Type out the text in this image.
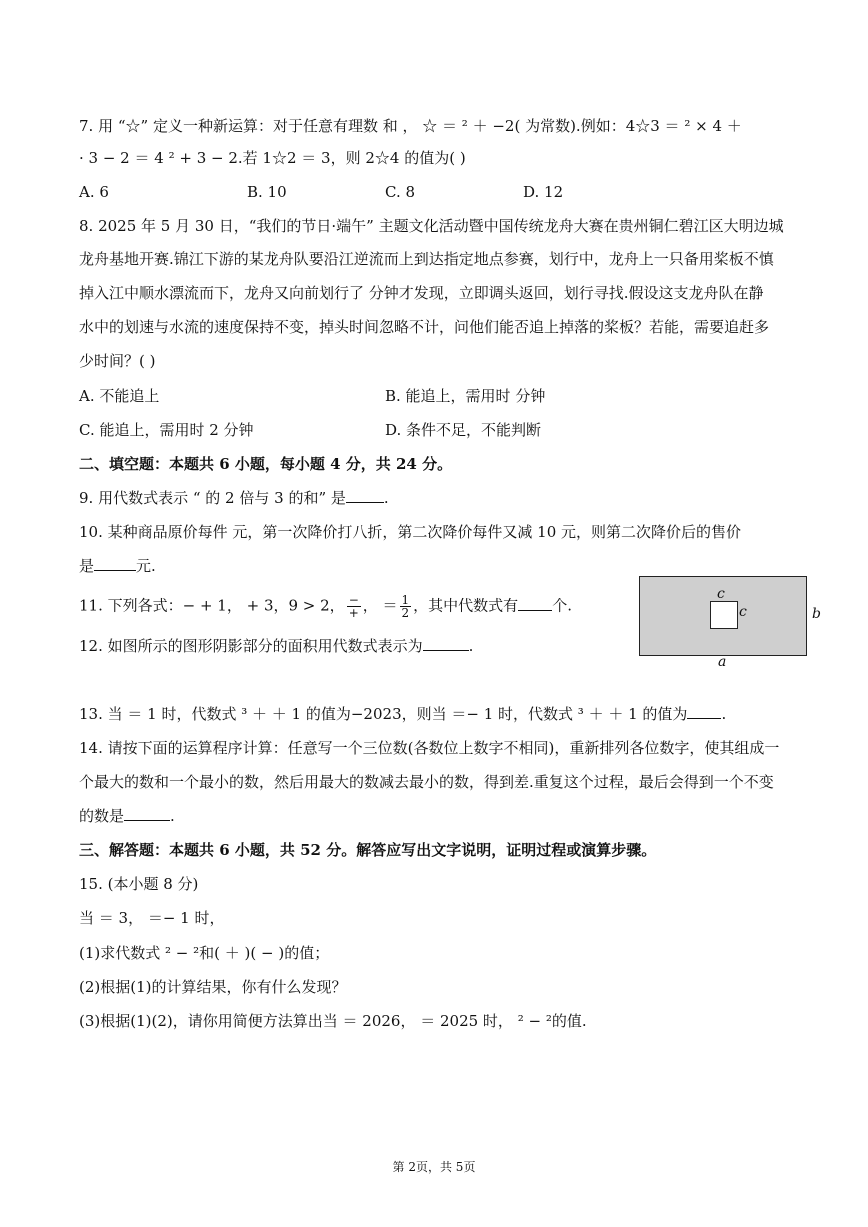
7. 用 “☆” 定义一种新运算：对于任意有理数 和 ， ☆ ＝ ² ＋ −2( 为常数).例如：4☆3 ＝ ² × 4 ＋
· 3 − 2 ＝ 4 ² + 3 − 2.若 1☆2 ＝ 3，则 2☆4 的值为( )
A. 6	B. 10	C. 8	D. 12
8. 2025 年 5 月 30 日，“我们的节日·端午” 主题文化活动暨中国传统龙舟大赛在贵州铜仁碧江区大明边城
龙舟基地开赛.锦江下游的某龙舟队要沿江逆流而上到达指定地点参赛，划行中，龙舟上一只备用桨板不慎
掉入江中顺水漂流而下，龙舟又向前划行了 分钟才发现，立即调头返回，划行寻找.假设这支龙舟队在静
水中的划速与水流的速度保持不变，掉头时间忽略不计，问他们能否追上掉落的桨板？若能，需要追赶多
少时间？( )
A. 不能追上	B. 能追上，需用时 分钟
C. 能追上，需用时 2 分钟	D. 条件不足，不能判断
二、填空题：本题共 6 小题，每小题 4 分，共 24 分。
9. 用代数式表示 “ 的 2 倍与 3 的和” 是	.
10. 某种商品原价每件 元，第一次降价打八折，第二次降价每件又减 10 元，则第二次降价后的售价
是	元.
11. 下列各式：− + 1， + 3，9 > 2， $\frac{-}{+}$ ， ＝ $\frac{1}{2}$ ，其中代数式有 个.
12. 如图所示的图形阴影部分的面积用代数式表示为	.
c
c
a
b
13. 当 ＝ 1 时，代数式 ³ ＋ ＋ 1 的值为−2023，则当 ＝− 1 时，代数式 ³ ＋ ＋ 1 的值为 .
14. 请按下面的运算程序计算：任意写一个三位数(各数位上数字不相同)，重新排列各位数字，使其组成一
个最大的数和一个最小的数，然后用最大的数减去最小的数，得到差.重复这个过程，最后会得到一个不变
的数是	.
三、解答题：本题共 6 小题，共 52 分。解答应写出文字说明，证明过程或演算步骤。
15. (本小题 8 分)
当 ＝ 3， ＝− 1 时，
(1)求代数式 ² − ²和( ＋ )( − )的值；
(2)根据(1)的计算结果，你有什么发现？
(3)根据(1)(2)，请你用简便方法算出当 ＝ 2026， ＝ 2025 时， ² − ²的值.
第 2页，共 5页
